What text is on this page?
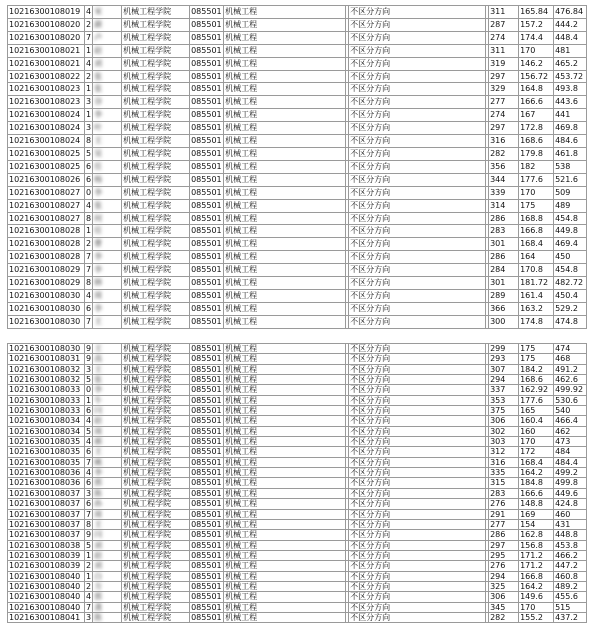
10216300108019	4	宋	机械工程学院	085501	机械工程		不区分方向		311	165.84	476.84
10216300108020	2	颜	机械工程学院	085501	机械工程		不区分方向		287	157.2	444.2
10216300108020	7	卢	机械工程学院	085501	机械工程		不区分方向		274	174.4	448.4
10216300108021	1	赵	机械工程学院	085501	机械工程		不区分方向		311	170	481
10216300108021	4	刘	机械工程学院	085501	机械工程		不区分方向		319	146.2	465.2
10216300108022	2	张	机械工程学院	085501	机械工程		不区分方向		297	156.72	453.72
10216300108023	1	张	机械工程学院	085501	机械工程		不区分方向		329	164.8	493.8
10216300108023	3	谷	机械工程学院	085501	机械工程		不区分方向		277	166.6	443.6
10216300108024	1	李	机械工程学院	085501	机械工程		不区分方向		274	167	441
10216300108024	3	叶	机械工程学院	085501	机械工程		不区分方向		297	172.8	469.8
10216300108024	8	王	机械工程学院	085501	机械工程		不区分方向		316	168.6	484.6
10216300108025	5	吴	机械工程学院	085501	机械工程		不区分方向		282	179.8	461.8
10216300108025	6	任	机械工程学院	085501	机械工程		不区分方向		356	182	538
10216300108026	6	杨	机械工程学院	085501	机械工程		不区分方向		344	177.6	521.6
10216300108027	0	李	机械工程学院	085501	机械工程		不区分方向		339	170	509
10216300108027	4	张	机械工程学院	085501	机械工程		不区分方向		314	175	489
10216300108027	8	何	机械工程学院	085501	机械工程		不区分方向		286	168.8	454.8
10216300108028	1	任	机械工程学院	085501	机械工程		不区分方向		283	166.8	449.8
10216300108028	2	曹	机械工程学院	085501	机械工程		不区分方向		301	168.4	469.4
10216300108028	7	李	机械工程学院	085501	机械工程		不区分方向		286	164	450
10216300108029	7	李	机械工程学院	085501	机械工程		不区分方向		284	170.8	454.8
10216300108029	8	韩	机械工程学院	085501	机械工程		不区分方向		301	181.72	482.72
10216300108030	4	周	机械工程学院	085501	机械工程		不区分方向		289	161.4	450.4
10216300108030	6	李	机械工程学院	085501	机械工程		不区分方向		366	163.2	529.2
10216300108030	7	王	机械工程学院	085501	机械工程		不区分方向		300	174.8	474.8
10216300108030	9	王	机械工程学院	085501	机械工程		不区分方向		299	175	474
10216300108031	9	高	机械工程学院	085501	机械工程		不区分方向		293	175	468
10216300108032	3	王	机械工程学院	085501	机械工程		不区分方向		307	184.2	491.2
10216300108032	5	张	机械工程学院	085501	机械工程		不区分方向		294	168.6	462.6
10216300108033	0	李	机械工程学院	085501	机械工程		不区分方向		337	162.92	499.92
10216300108033	1	牛	机械工程学院	085501	机械工程		不区分方向		353	177.6	530.6
10216300108033	6	闫	机械工程学院	085501	机械工程		不区分方向		375	165	540
10216300108034	4	赵	机械工程学院	085501	机械工程		不区分方向		306	160.4	466.4
10216300108034	5	周	机械工程学院	085501	机械工程		不区分方向		302	160	462
10216300108035	4	郝	机械工程学院	085501	机械工程		不区分方向		303	170	473
10216300108035	6	王	机械工程学院	085501	机械工程		不区分方向		312	172	484
10216300108035	7	姚	机械工程学院	085501	机械工程		不区分方向		316	168.4	484.4
10216300108036	4	李	机械工程学院	085501	机械工程		不区分方向		335	164.2	499.2
10216300108036	6	郭	机械工程学院	085501	机械工程		不区分方向		315	184.8	499.8
10216300108037	3	陈	机械工程学院	085501	机械工程		不区分方向		283	166.6	449.6
10216300108037	6	孙	机械工程学院	085501	机械工程		不区分方向		276	148.8	424.8
10216300108037	7	周	机械工程学院	085501	机械工程		不区分方向		291	169	460
10216300108037	8	王	机械工程学院	085501	机械工程		不区分方向		277	154	431
10216300108037	9	闫	机械工程学院	085501	机械工程		不区分方向		286	162.8	448.8
10216300108038	5	刘	机械工程学院	085501	机械工程		不区分方向		297	156.8	453.8
10216300108039	1	赵	机械工程学院	085501	机械工程		不区分方向		295	171.2	466.2
10216300108039	2	刘	机械工程学院	085501	机械工程		不区分方向		276	171.2	447.2
10216300108040	1	白	机械工程学院	085501	机械工程		不区分方向		294	166.8	460.8
10216300108040	2	方	机械工程学院	085501	机械工程		不区分方向		325	164.2	489.2
10216300108040	4	郭	机械工程学院	085501	机械工程		不区分方向		306	149.6	455.6
10216300108040	7	龚	机械工程学院	085501	机械工程		不区分方向		345	170	515
10216300108041	3	陈	机械工程学院	085501	机械工程		不区分方向		282	155.2	437.2
